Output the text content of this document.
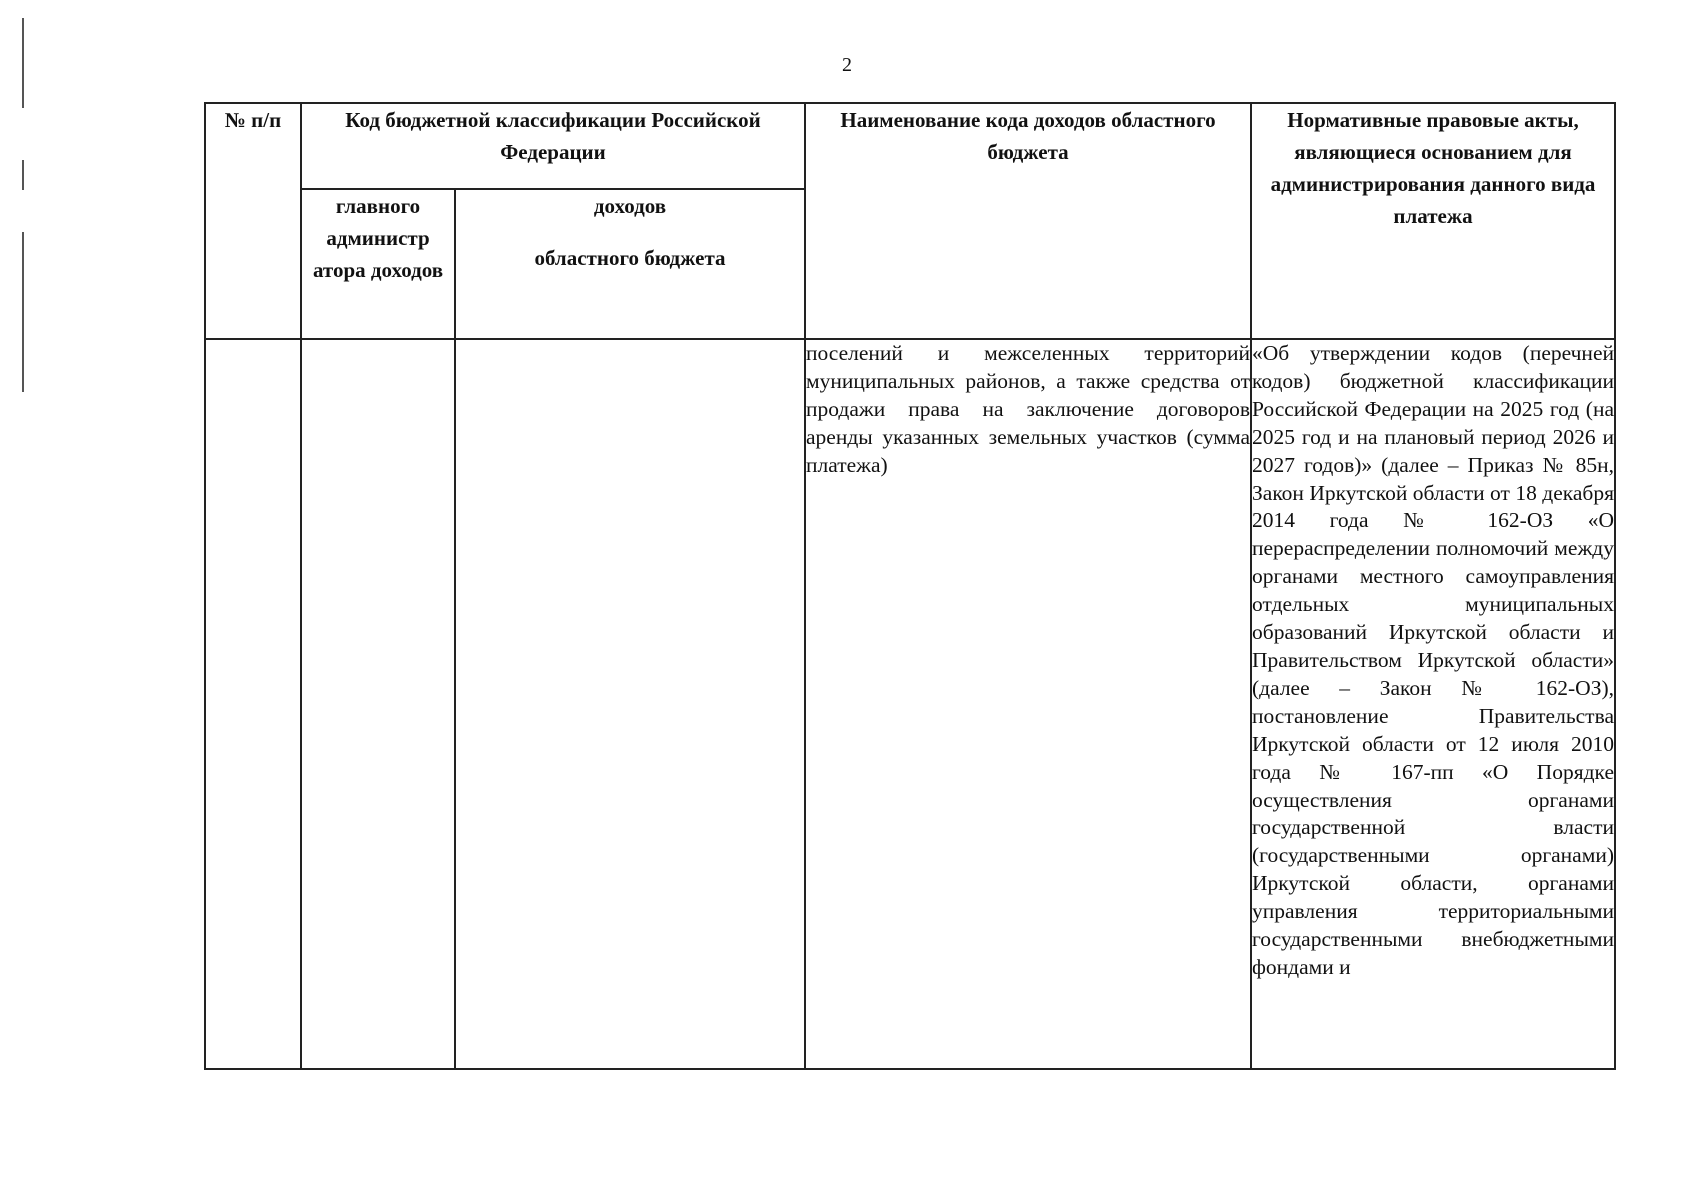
2
№ п/п	Код бюджетной классификации Российской Федерации		Наименование кода доходов областного бюджета	Нормативные правовые акты, являющиеся основанием для администрирования данного вида платежа
	главного администр атора доходов	доходов
областного бюджета		

			поселений и межселенных территорий муниципальных районов, а также средства от продажи права на заключение договоров аренды указанных земельных участков (сумма платежа)	«Об утверждении кодов (перечней кодов) бюджетной классификации Российской Федерации на 2025 год (на 2025 год и на плановый период 2026 и 2027 годов)» (далее – Приказ № 85н, Закон Иркутской области от 18 декабря 2014 года № 162-ОЗ «О перераспределении полномочий между органами местного самоуправления отдельных муниципальных образований Иркутской области и Правительством Иркутской области» (далее – Закон № 162-ОЗ), постановление Правительства Иркутской области от 12 июля 2010 года № 167-пп «О Порядке осуществления органами государственной власти (государственными органами) Иркутской области, органами управления территориальными государственными внебюджетными фондами и
